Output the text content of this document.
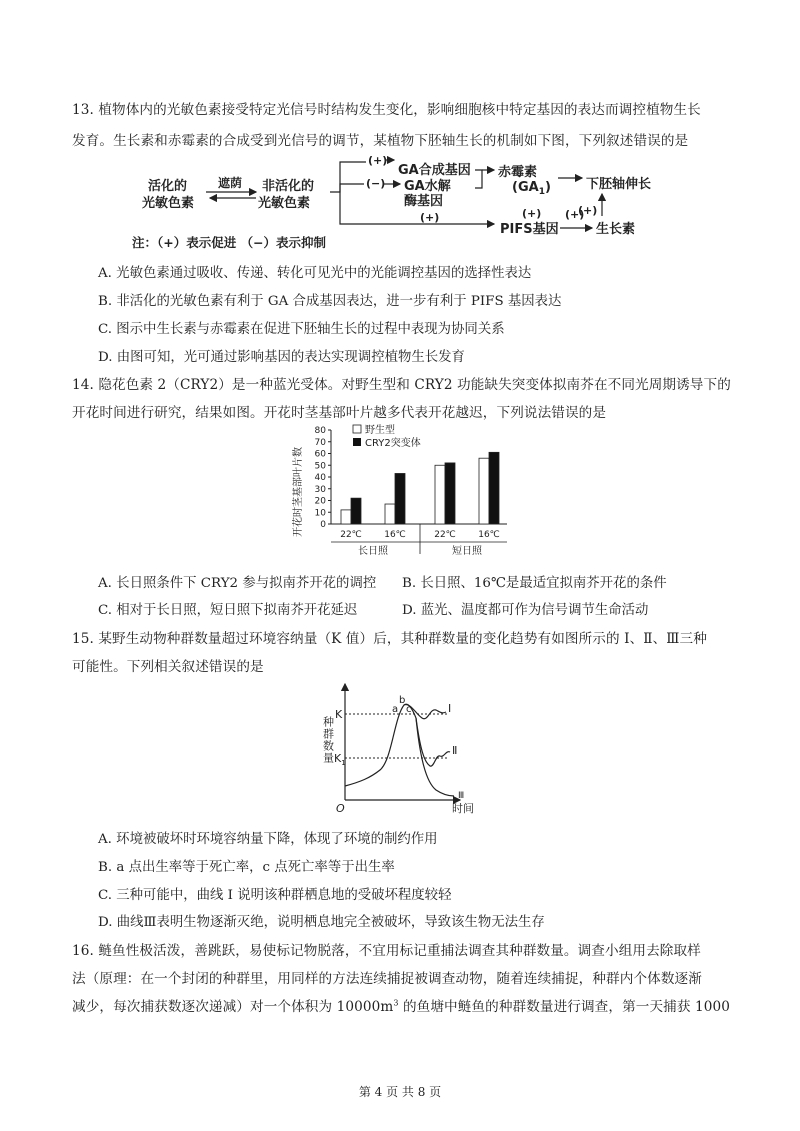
13. 植物体内的光敏色素接受特定光信号时结构发生变化，影响细胞核中特定基因的表达而调控植物生长
发育。生长素和赤霉素的合成受到光信号的调节，某植物下胚轴生长的机制如下图，下列叙述错误的是
活化的
光敏色素
遮荫 非活化的
光敏色素
(+)
(−)
GA合成基因
GA水解
酶基因
赤霉素
$(GA_1)$	下胚轴伸长
(+)
(+)
(+)
(+)
PIFS基因	生长素
注：（+）表示促进 （−）表示抑制
A. 光敏色素通过吸收、传递、转化可见光中的光能调控基因的选择性表达
B. 非活化的光敏色素有利于 GA 合成基因表达，进一步有利于 PIFS 基因表达
C. 图示中生长素与赤霉素在促进下胚轴生长的过程中表现为协同关系
D. 由图可知，光可通过影响基因的表达实现调控植物生长发育
14. 隐花色素 2（CRY2）是一种蓝光受体。对野生型和 CRY2 功能缺失突变体拟南芥在不同光周期诱导下的
开花时间进行研究，结果如图。开花时茎基部叶片越多代表开花越迟，下列说法错误的是
开花时茎基部叶片数 0
10
20
30
40
50
60
70
80
22℃ 16℃	22℃ 16℃
长日照	短日照
野生型
CRY2突变体
A. 长日照条件下 CRY2 参与拟南芥开花的调控 B. 长日照、16℃是最适宜拟南芥开花的条件
C. 相对于长日照，短日照下拟南芥开花延迟	D. 蓝光、温度都可作为信号调节生命活动
15. 某野生动物种群数量超过环境容纳量（K 值）后，其种群数量的变化趋势有如图所示的 Ⅰ、Ⅱ、Ⅲ三种
可能性。下列相关叙述错误的是
种群数量
K
$K_1$
O	时间
a
b
c	Ⅰ
Ⅱ
Ⅲ
A. 环境被破坏时环境容纳量下降，体现了环境的制约作用
B. a 点出生率等于死亡率，c 点死亡率等于出生率
C. 三种可能中，曲线 Ⅰ 说明该种群栖息地的受破坏程度较轻
D. 曲线Ⅲ表明生物逐渐灭绝，说明栖息地完全被破坏，导致该生物无法生存
16. 鲢鱼性极活泼，善跳跃，易使标记物脱落，不宜用标记重捕法调查其种群数量。调查小组用去除取样
法（原理：在一个封闭的种群里，用同样的方法连续捕捉被调查动物，随着连续捕捉，种群内个体数逐渐
减少，每次捕获数逐次递减）对一个体积为 $10000m^3$ 的鱼塘中鲢鱼的种群数量进行调查，第一天捕获 1000
第 4 页 共 8 页
